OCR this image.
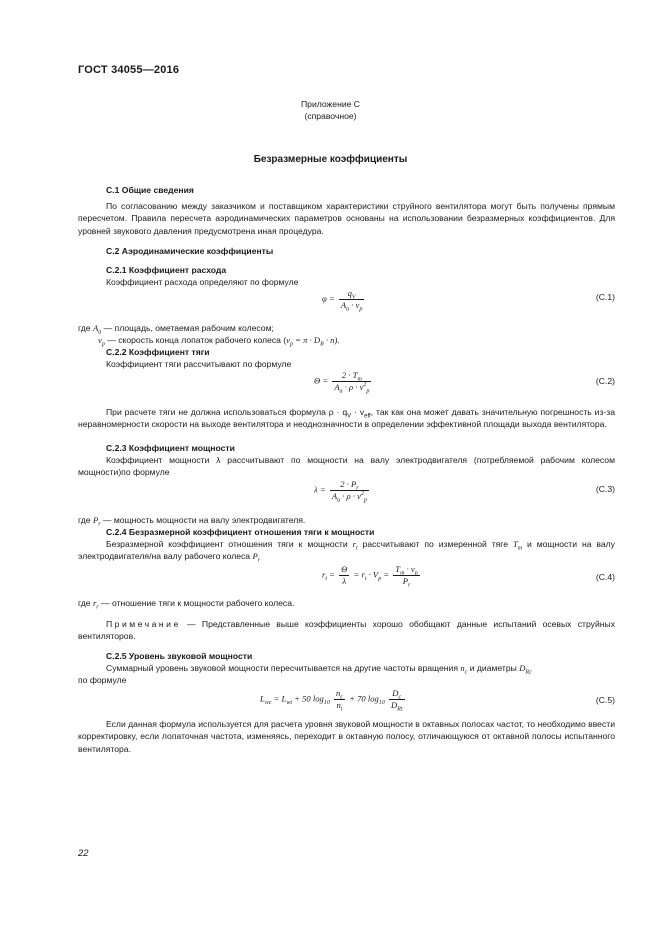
ГОСТ 34055—2016
Приложение С
(справочное)
Безразмерные коэффициенты
С.1 Общие сведения
По согласованию между заказчиком и поставщиком характеристики струйного вентилятора могут быть получены прямым пересчетом. Правила пересчета аэродинамических параметров основаны на использовании безразмерных коэффициентов. Для уровней звукового давления предусмотрена иная процедура.
С.2 Аэродинамические коэффициенты
С.2.1 Коэффициент расхода
Коэффициент расхода определяют по формуле
$\varphi = \frac{q_V}{A_a \cdot v_p}$	(С.1)
где $A_a$ — площадь, ометаемая рабочим колесом;
$v_p$ — скорость конца лопаток рабочего колеса $(v_p = \pi \cdot D_R \cdot n)$.
С.2.2 Коэффициент тяги
Коэффициент тяги рассчитывают по формуле
$\Theta = \frac{2 \cdot T_m}{A_a \cdot \rho \cdot v^2_p}$	(С.2)
При расчете тяги не должна использоваться формула $\rho \cdot q_V \cdot v_{eff}$, так как она может давать значительную погрешность из-за неравномерности скорости на выходе вентилятора и неоднозначности в определении эффективной площади выхода вентилятора.
С.2.3 Коэффициент мощности
Коэффициент мощности λ рассчитывают по мощности на валу электродвигателя (потребляемой рабочим колесом мощности)по формуле
$\lambda = \frac{2 \cdot P_r}{A_a \cdot \rho \cdot v^2_p}$	(С.3)
где $P_r$ — мощность мощности на валу электродвигателя.
С.2.4 Безразмерной коэффициент отношения тяги к мощности
Безразмерной коэффициент отношения тяги к мощности $r_t$ рассчитывают по измеренной тяге $T_m$ и мощности на валу электродвигателя/на валу рабочего колеса $P_r$
$r_t = \frac{\Theta}{\lambda} = r_t \cdot V_p = \frac{T_m \cdot v_p}{P_r}$	(С.4)
где $r_r$ — отношение тяги к мощности рабочего колеса.
Примечание — Представленные выше коэффициенты хорошо обобщают данные испытаний осевых струйных вентиляторов.
С.2.5 Уровень звуковой мощности
Суммарный уровень звуковой мощности пересчитывается на другие частоты вращения $n_c$ и диаметры $D_{Rc}$
по формуле
$L_{wc} = L_{wt} + 50$ $\log_{10} \frac{n_c}{n_t} + 70$ $\log_{10} \frac{D_c}{D_{Rt}}$	(С.5)
Если данная формула используется для расчета уровня звуковой мощности в октавных полосах частот, то необходимо ввести корректировку, если лопаточная частота, изменяясь, переходит в октавную полосу, отличающуюся от октавной полосы испытанного вентилятора.
22
